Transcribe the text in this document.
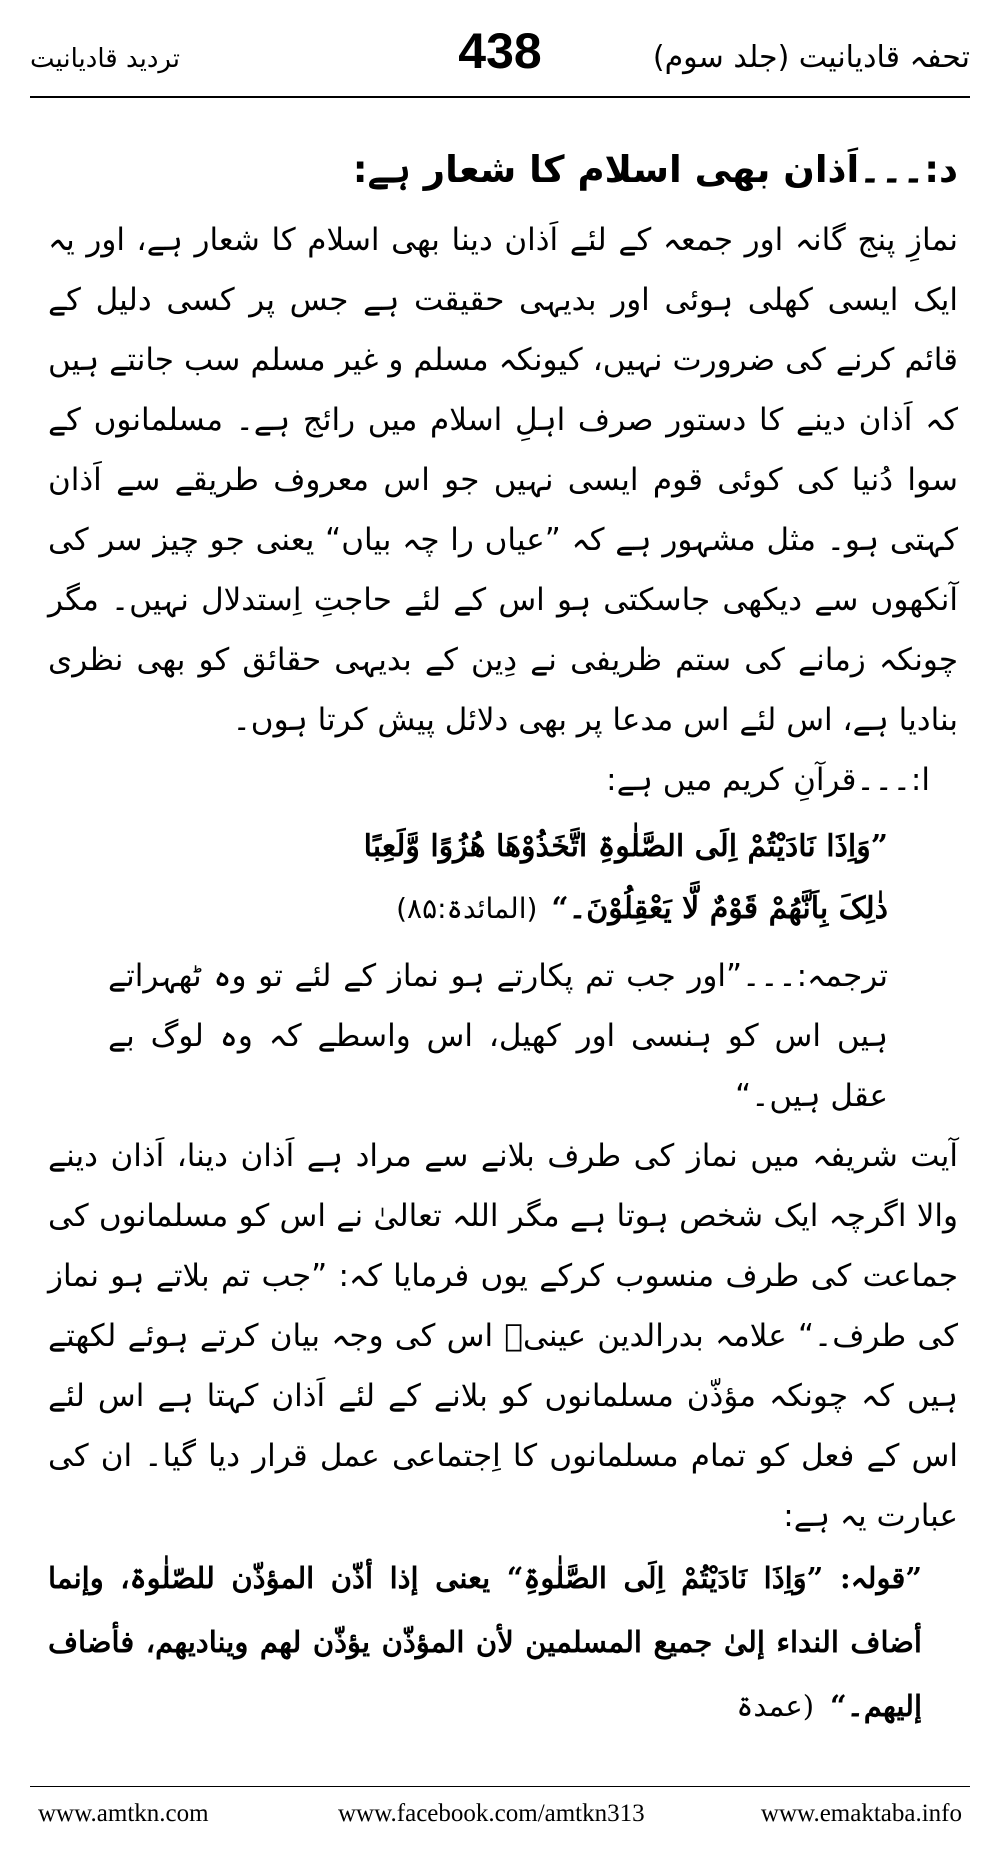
تحفہ قادیانیت (جلد سوم)
438
تردید قادیانیت
د:۔۔۔اَذان بھی اسلام کا شعار ہے:

نمازِ پنج گانہ اور جمعہ کے لئے اَذان دینا بھی اسلام کا شعار ہے، اور یہ ایک ایسی کھلی ہوئی اور بدیہی حقیقت ہے جس پر کسی دلیل کے قائم کرنے کی ضرورت نہیں، کیونکہ مسلم و غیر مسلم سب جانتے ہیں کہ اَذان دینے کا دستور صرف اہلِ اسلام میں رائج ہے۔ مسلمانوں کے سوا دُنیا کی کوئی قوم ایسی نہیں جو اس معروف طریقے سے اَذان کہتی ہو۔ مثل مشہور ہے کہ ”عیاں را چہ بیاں“ یعنی جو چیز سر کی آنکھوں سے دیکھی جاسکتی ہو اس کے لئے حاجتِ اِستدلال نہیں۔ مگر چونکہ زمانے کی ستم ظریفی نے دِین کے بدیہی حقائق کو بھی نظری بنادیا ہے، اس لئے اس مدعا پر بھی دلائل پیش کرتا ہوں۔

ا:۔۔۔قرآنِ کریم میں ہے:

”وَاِذَا نَادَیْتُمْ اِلَی الصَّلٰوۃِ اتَّخَذُوْھَا ھُزُوًا وَّلَعِبًا
ذٰلِکَ بِاَنَّھُمْ قَوْمٌ لَّا یَعْقِلُوْنَ۔“(المائدۃ:۸۵)

ترجمہ:۔۔۔”اور جب تم پکارتے ہو نماز کے لئے تو وہ ٹھہراتے ہیں اس کو ہنسی اور کھیل، اس واسطے کہ وہ لوگ بے عقل ہیں۔“

آیت شریفہ میں نماز کی طرف بلانے سے مراد ہے اَذان دینا، اَذان دینے والا اگرچہ ایک شخص ہوتا ہے مگر اللہ تعالیٰ نے اس کو مسلمانوں کی جماعت کی طرف منسوب کرکے یوں فرمایا کہ: ”جب تم بلاتے ہو نماز کی طرف۔“ علامہ بدرالدین عینیؒ اس کی وجہ بیان کرتے ہوئے لکھتے ہیں کہ چونکہ مؤذّن مسلمانوں کو بلانے کے لئے اَذان کہتا ہے اس لئے اس کے فعل کو تمام مسلمانوں کا اِجتماعی عمل قرار دیا گیا۔ ان کی عبارت یہ ہے:

”قولہ: ”وَاِذَا نَادَیْتُمْ اِلَی الصَّلٰوۃِ“ یعنی إذا أذّن المؤذّن للصّلٰوۃ، وإنما أضاف النداء إلیٰ جمیع المسلمین لأن المؤذّن یؤذّن لھم وینادیھم، فأضاف إلیھم۔“(عمدۃ

www.amtkn.com	www.facebook.com/amtkn313	www.emaktaba.info
